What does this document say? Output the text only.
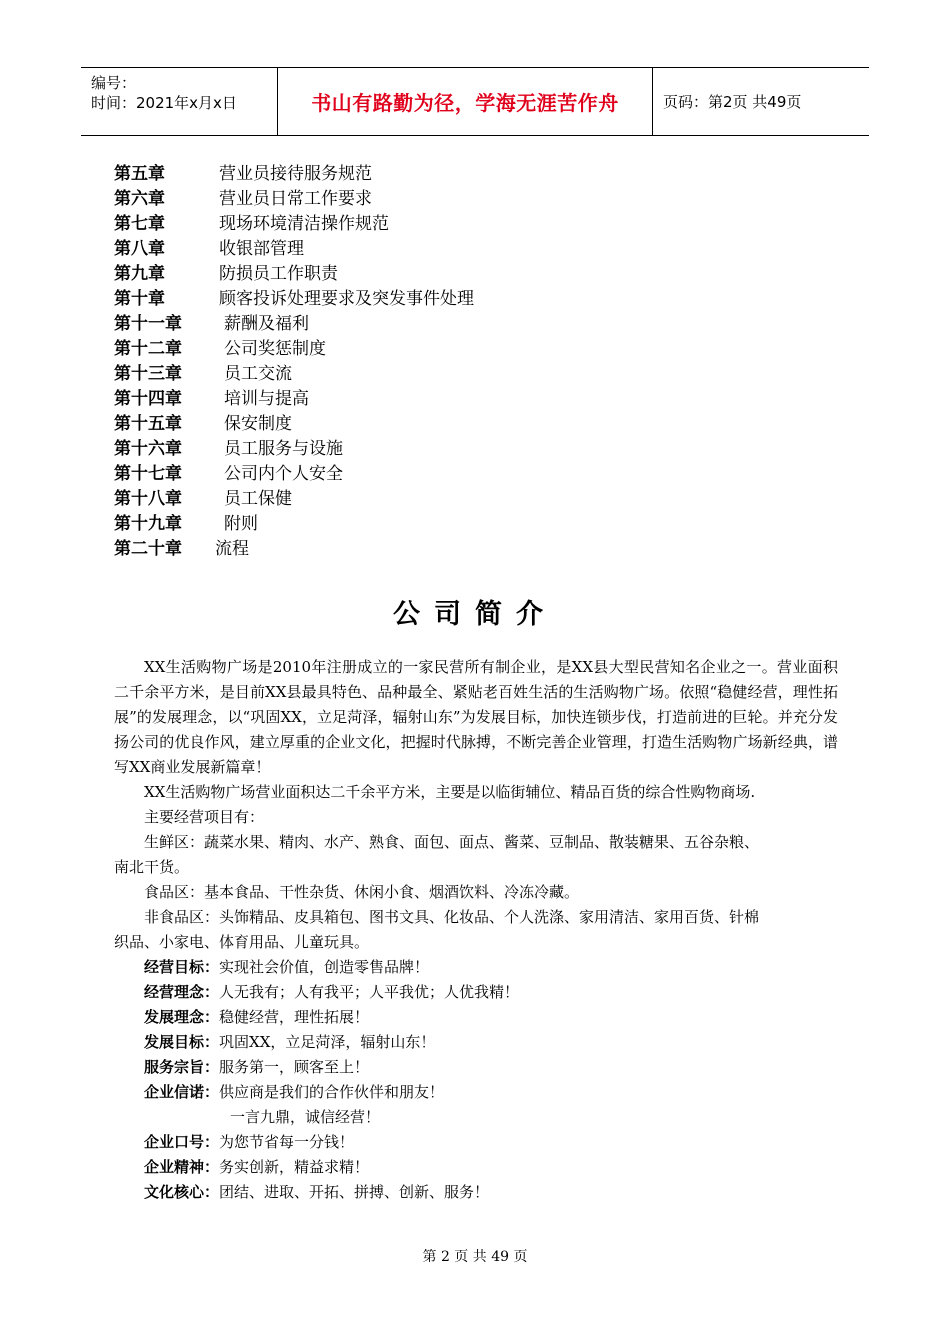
编号：
时间：2021年x月x日	书山有路勤为径，学海无涯苦作舟	页码：第2页 共49页
第五章	营业员接待服务规范
第六章	营业员日常工作要求
第七章	现场环境清洁操作规范
第八章	收银部管理
第九章	防损员工作职责
第十章	顾客投诉处理要求及突发事件处理
第十一章	薪酬及福利
第十二章	公司奖惩制度
第十三章	员工交流
第十四章	培训与提高
第十五章	保安制度
第十六章	员工服务与设施
第十七章	公司内个人安全
第十八章	员工保健
第十九章	附则
第二十章	流程
公司简介
XX生活购物广场是2010年注册成立的一家民营所有制企业，是XX县大型民营知名企业之一。营业面积二千余平方米，是目前XX县最具特色、品种最全、紧贴老百姓生活的生活购物广场。依照“稳健经营，理性拓展”的发展理念，以“巩固XX，立足菏泽，辐射山东”为发展目标，加快连锁步伐，打造前进的巨轮。并充分发扬公司的优良作风，建立厚重的企业文化，把握时代脉搏，不断完善企业管理，打造生活购物广场新经典，谱写XX商业发展新篇章！
XX生活购物广场营业面积达二千余平方米，主要是以临街辅位、精品百货的综合性购物商场.
主要经营项目有：
生鲜区：蔬菜水果、精肉、水产、熟食、面包、面点、酱菜、豆制品、散装糖果、五谷杂粮、
南北干货。
食品区：基本食品、干性杂货、休闲小食、烟酒饮料、冷冻冷藏。
非食品区：头饰精品、皮具箱包、图书文具、化妆品、个人洗涤、家用清洁、家用百货、针棉
织品、小家电、体育用品、儿童玩具。
经营目标：实现社会价值，创造零售品牌！
经营理念：人无我有；人有我平；人平我优；人优我精！
发展理念：稳健经营，理性拓展！
发展目标：巩固XX，立足菏泽，辐射山东！
服务宗旨：服务第一，顾客至上！
企业信诺：供应商是我们的合作伙伴和朋友！
一言九鼎，诚信经营！
企业口号：为您节省每一分钱！
企业精神：务实创新，精益求精！
文化核心：团结、进取、开拓、拼搏、创新、服务！
第 2 页 共 49 页
